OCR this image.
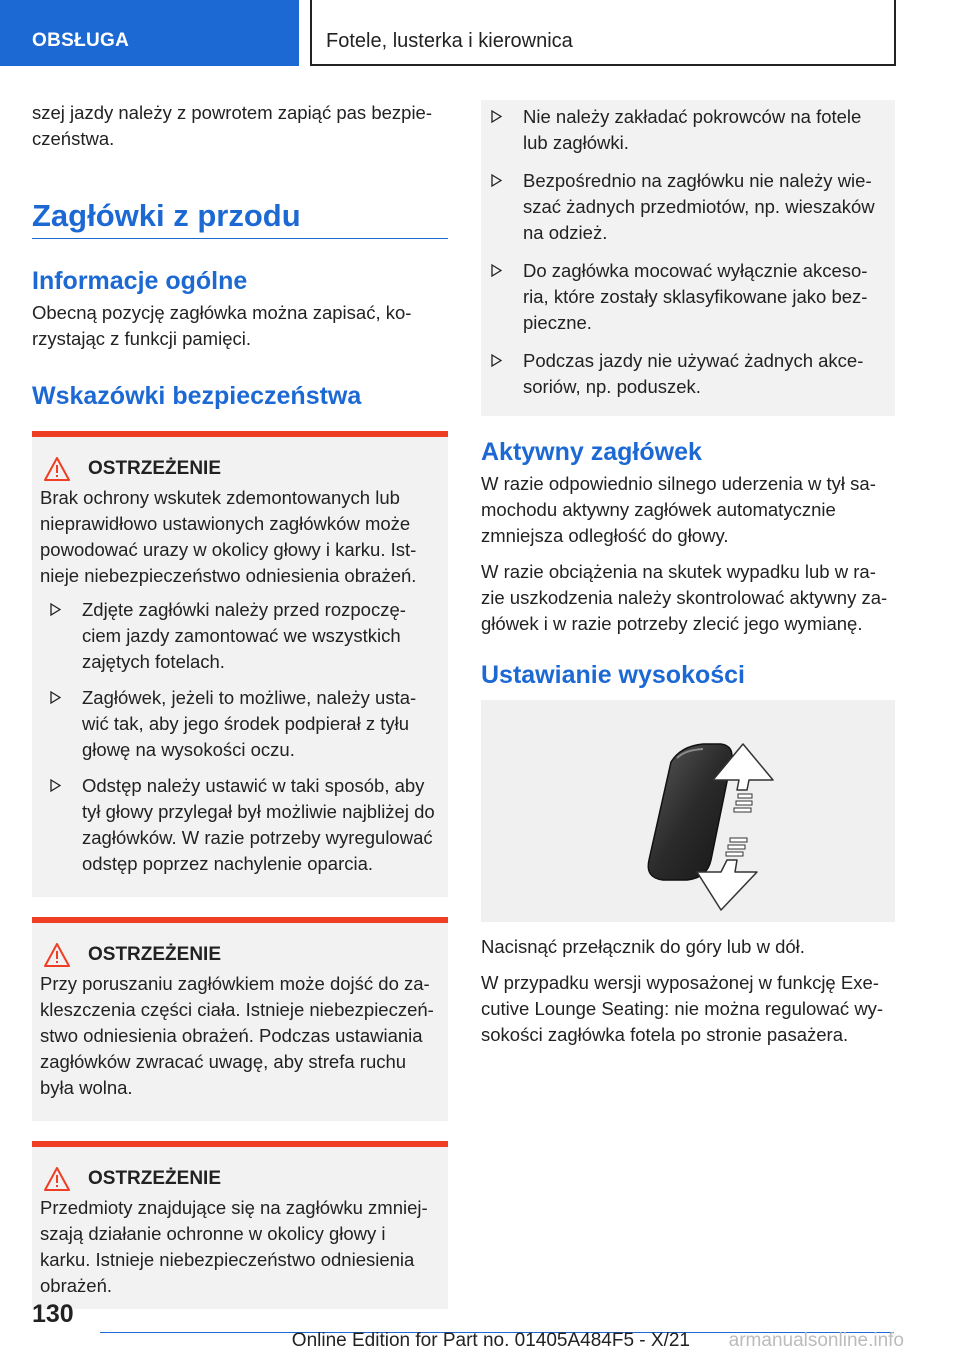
OBSŁUGA	Fotele, lusterka i kierownica

szej jazdy należy z powrotem zapiąć pas bezpie-czeństwa.

Zagłówki z przodu
Informacje ogólne

Obecną pozycję zagłówka można zapisać, ko-rzystając z funkcji pamięci.

Wskazówki bezpieczeństwa
OSTRZEŻENIE

Brak ochrony wskutek zdemontowanych lub nieprawidłowo ustawionych zagłówków może powodować urazy w okolicy głowy i karku. Ist-nieje niebezpieczeństwo odniesienia obrażeń.

Zdjęte zagłówki należy przed rozpoczę-ciem jazdy zamontować we wszystkich zajętych fotelach.
Zagłówek, jeżeli to możliwe, należy usta-wić tak, aby jego środek podpierał z tyłu głowę na wysokości oczu.
Odstęp należy ustawić w taki sposób, aby tył głowy przylegał był możliwie najbliżej do zagłówków. W razie potrzeby wyregulować odstęp poprzez nachylenie oparcia.
OSTRZEŻENIE

Przy poruszaniu zagłówkiem może dojść do za-kleszczenia części ciała. Istnieje niebezpieczeń-stwo odniesienia obrażeń. Podczas ustawiania zagłówków zwracać uwagę, aby strefa ruchu była wolna.

OSTRZEŻENIE

Przedmioty znajdujące się na zagłówku zmniej-szają działanie ochronne w okolicy głowy i karku. Istnieje niebezpieczeństwo odniesienia obrażeń.

Nie należy zakładać pokrowców na fotele lub zagłówki.
Bezpośrednio na zagłówku nie należy wie-szać żadnych przedmiotów, np. wieszaków na odzież.
Do zagłówka mocować wyłącznie akceso-ria, które zostały sklasyfikowane jako bez-pieczne.
Podczas jazdy nie używać żadnych akce-soriów, np. poduszek.
Aktywny zagłówek

W razie odpowiednio silnego uderzenia w tył sa-mochodu aktywny zagłówek automatycznie zmniejsza odległość do głowy.

W razie obciążenia na skutek wypadku lub w ra-zie uszkodzenia należy skontrolować aktywny za-główek i w razie potrzeby zlecić jego wymianę.

Ustawianie wysokości

Nacisnąć przełącznik do góry lub w dół.

W przypadku wersji wyposażonej w funkcję Exe-cutive Lounge Seating: nie można regulować wy-sokości zagłówka fotela po stronie pasażera.

130
Online Edition for Part no. 01405A484F5 - X/21 armanualsonline.info
